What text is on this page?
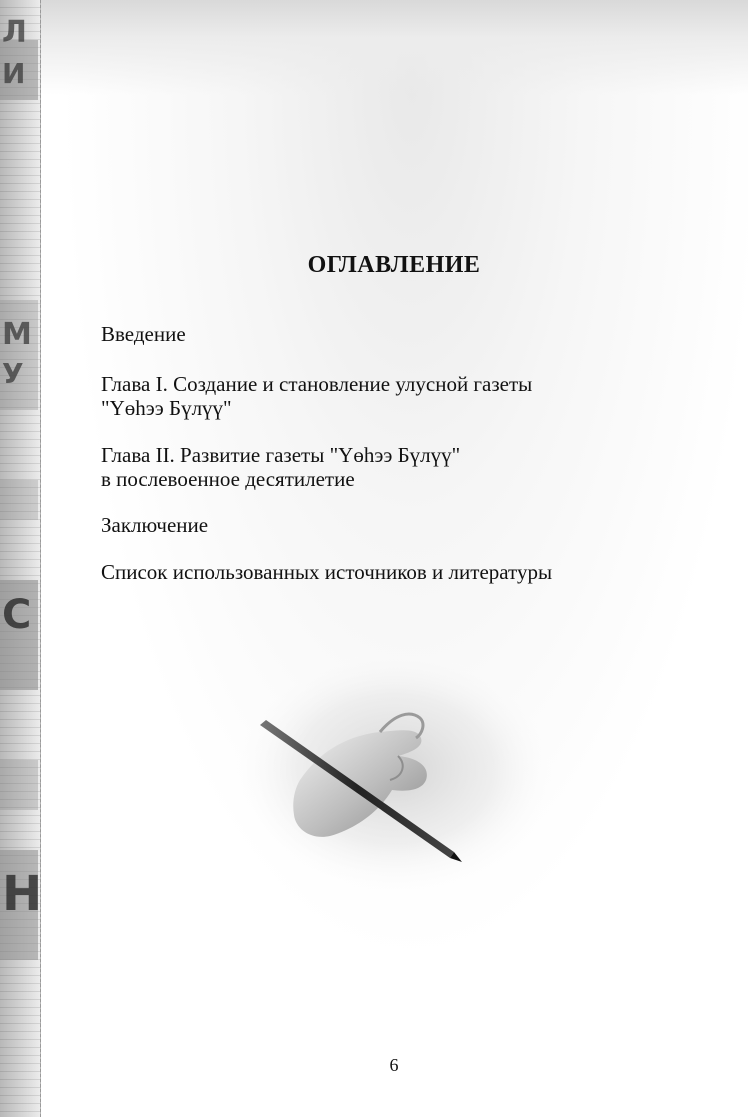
Л
И
М
У
С
Н
ОГЛАВЛЕНИЕ
Введение
Глава I. Создание и становление улусной газеты
"Үөһээ Бүлүү"
Глава II. Развитие газеты "Үөһээ Бүлүү"
в послевоенное десятилетие
Заключение
Список использованных источников и литературы
6
